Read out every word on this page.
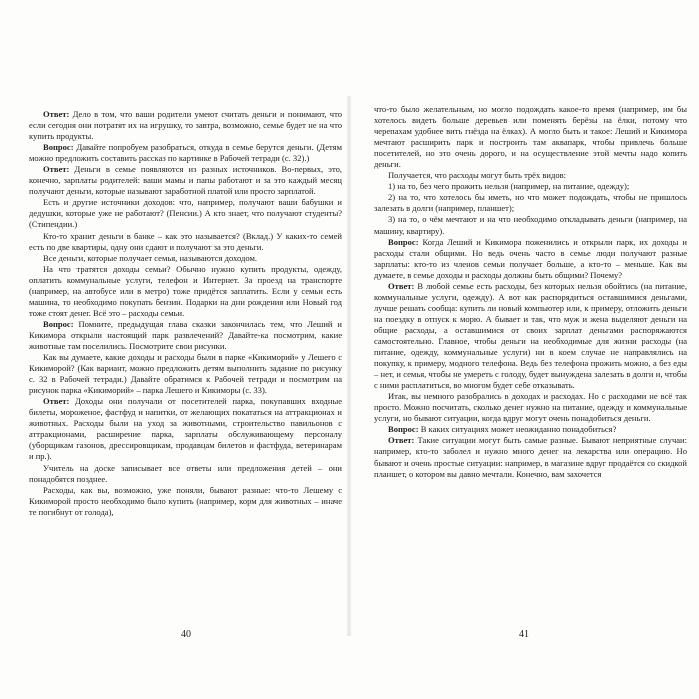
Ответ: Дело в том, что ваши родители умеют считать деньги и понимают, что если сегодня они потратят их на игрушку, то завтра, возможно, семье будет не на что купить продукты.

Вопрос: Давайте попробуем разобраться, откуда в семье берутся деньги. (Детям можно предложить составить рассказ по картинке в Рабочей тетради (с. 32).)

Ответ: Деньги в семье появляются из разных источников. Во-первых, это, конечно, зарплаты родителей: ваши мамы и папы работают и за это каждый месяц получают деньги, которые называют заработной платой или просто зарплатой.

Есть и другие источники доходов: что, например, получают ваши бабушки и дедушки, которые уже не работают? (Пенсии.) А кто знает, что получают студенты? (Стипендии.)

Кто-то хранит деньги в банке – как это называется? (Вклад.) У каких-то семей есть по две квартиры, одну они сдают и получают за это деньги.

Все деньги, которые получает семья, называются доходом.

На что тратятся доходы семьи? Обычно нужно купить продукты, одежду, оплатить коммунальные услуги, телефон и Интернет. За проезд на транспорте (например, на автобусе или в метро) тоже придётся заплатить. Если у семьи есть машина, то необходимо покупать бензин. Подарки на дни рождения или Новый год тоже стоят денег. Всё это – расходы семьи.

Вопрос: Помните, предыдущая глава сказки закончилась тем, что Леший и Кикимора открыли настоящий парк развлечений? Давайте-ка посмотрим, какие животные там поселились. Посмотрите свои рисунки.

Как вы думаете, какие доходы и расходы были в парке «Кикиморий» у Лешего с Кикиморой? (Как вариант, можно предложить детям выполнить задание по рисунку с. 32 в Рабочей тетради.) Давайте обратимся к Рабочей тетради и посмотрим на рисунок парка «Кикиморий» – парка Лешего и Кикиморы (с. 33).

Ответ: Доходы они получали от посетителей парка, покупавших входные билеты, мороженое, фастфуд и напитки, от желающих покататься на аттракционах и животных. Расходы были на уход за животными, строительство павильонов с аттракционами, расширение парка, зарплаты обслуживающему персоналу (уборщикам газонов, дрессировщикам, продавцам билетов и фастфуда, ветеринарам и пр.).

Учитель на доске записывает все ответы или предложения детей – они понадобятся позднее.

Расходы, как вы, возможно, уже поняли, бывают разные: что-то Лешему с Кикиморой просто необходимо было купить (например, корм для животных – иначе те погибнут от голода),

40

что-то было желательным, но могло подождать какое-то время (например, им бы хотелось видеть больше деревьев или поменять берёзы на ёлки, потому что черепахам удобнее вить гнёзда на ёлках). А могло быть и такое: Леший и Кикимора мечтают расширить парк и построить там аквапарк, чтобы привлечь больше посетителей, но это очень дорого, и на осуществление этой мечты надо копить деньги.

Получается, что расходы могут быть трёх видов:

1) на то, без чего прожить нельзя (например, на питание, одежду);

2) на то, что хотелось бы иметь, но что может подождать, чтобы не пришлось залезать в долги (например, планшет);

3) на то, о чём мечтают и на что необходимо откладывать деньги (например, на машину, квартиру).

Вопрос: Когда Леший и Кикимора поженились и открыли парк, их доходы и расходы стали общими. Но ведь очень часто в семье люди получают разные зарплаты: кто-то из членов семьи получает больше, а кто-то – меньше. Как вы думаете, в семье доходы и расходы должны быть общими? Почему?

Ответ: В любой семье есть расходы, без которых нельзя обойтись (на питание, коммунальные услуги, одежду). А вот как распорядиться оставшимися деньгами, лучше решать сообща: купить ли новый компьютер или, к примеру, отложить деньги на поездку в отпуск к морю. А бывает и так, что муж и жена выделяют деньги на общие расходы, а оставшимися от своих зарплат деньгами распоряжаются самостоятельно. Главное, чтобы деньги на необходимые для жизни расходы (на питание, одежду, коммунальные услуги) ни в коем случае не направлялись на покупку, к примеру, модного телефона. Ведь без телефона прожить можно, а без еды – нет, и семья, чтобы не умереть с голоду, будет вынуждена залезать в долги и, чтобы с ними расплатиться, во многом будет себе отказывать.

Итак, вы немного разобрались в доходах и расходах. Но с расходами не всё так просто. Можно посчитать, сколько денег нужно на питание, одежду и коммунальные услуги, но бывают ситуации, когда вдруг могут очень понадобиться деньги.

Вопрос: В каких ситуациях может неожиданно понадобиться?

Ответ: Такие ситуации могут быть самые разные. Бывают неприятные случаи: например, кто-то заболел и нужно много денег на лекарства или операцию. Но бывают и очень простые ситуации: например, в магазине вдруг продаётся со скидкой планшет, о котором вы давно мечтали. Конечно, вам захочется

41
